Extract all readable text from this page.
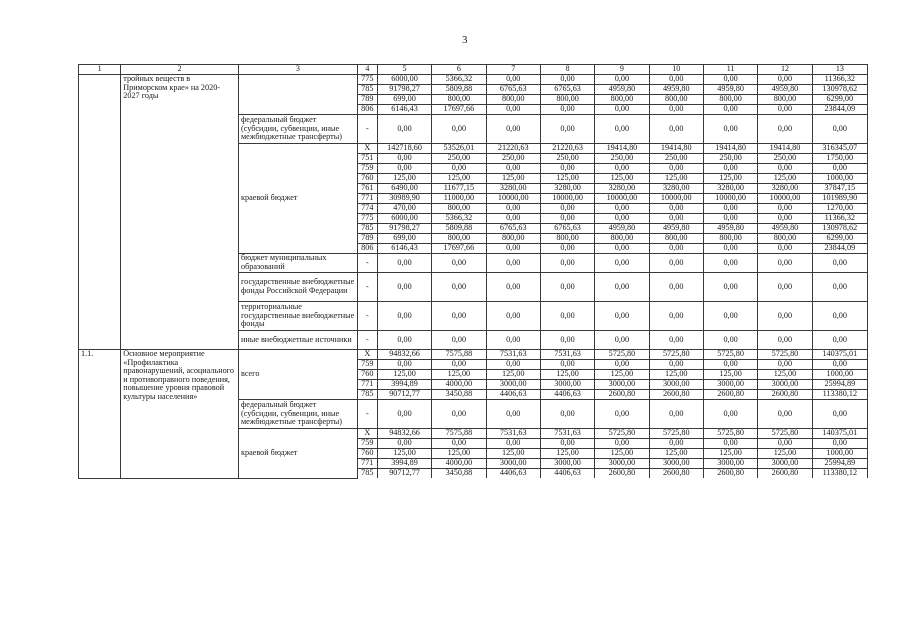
3
1	2	3	4	5	6	7	8	9	10	11	12	13
	тройных веществ в Приморском крае» на 2020-2027 годы		775	6000,00	5366,32	0,00	0,00	0,00	0,00	0,00	0,00	11366,32
			785	91798,27	5809,88	6765,63	6765,63	4959,80	4959,80	4959,80	4959,80	130978,62
			789	699,00	800,00	800,00	800,00	800,00	800,00	800,00	800,00	6299,00
			806	6146,43	17697,66	0,00	0,00	0,00	0,00	0,00	0,00	23844,09
		федеральный бюджет (субсидии, субвенции, иные межбюджетные трансферты)	-	0,00	0,00	0,00	0,00	0,00	0,00	0,00	0,00	0,00
		краевой бюджет	X	142718,60	53526,01	21220,63	21220,63	19414,80	19414,80	19414,80	19414,80	316345,07
			751	0,00	250,00	250,00	250,00	250,00	250,00	250,00	250,00	1750,00
			759	0,00	0,00	0,00	0,00	0,00	0,00	0,00	0,00	0,00
			760	125,00	125,00	125,00	125,00	125,00	125,00	125,00	125,00	1000,00
			761	6490,00	11677,15	3280,00	3280,00	3280,00	3280,00	3280,00	3280,00	37847,15
			771	30989,90	11000,00	10000,00	10000,00	10000,00	10000,00	10000,00	10000,00	101989,90
			774	470,00	800,00	0,00	0,00	0,00	0,00	0,00	0,00	1270,00
			775	6000,00	5366,32	0,00	0,00	0,00	0,00	0,00	0,00	11366,32
			785	91798,27	5809,88	6765,63	6765,63	4959,80	4959,80	4959,80	4959,80	130978,62
			789	699,00	800,00	800,00	800,00	800,00	800,00	800,00	800,00	6299,00
			806	6146,43	17697,66	0,00	0,00	0,00	0,00	0,00	0,00	23844,09
		бюджет муниципальных образований	-	0,00	0,00	0,00	0,00	0,00	0,00	0,00	0,00	0,00
		государственные внебюджетные фонды Российской Федерации	-	0,00	0,00	0,00	0,00	0,00	0,00	0,00	0,00	0,00
		территориальные государственные внебюджетные фонды	-	0,00	0,00	0,00	0,00	0,00	0,00	0,00	0,00	0,00
		иные внебюджетные источники	-	0,00	0,00	0,00	0,00	0,00	0,00	0,00	0,00	0,00
1.1.	Основное мероприятие «Профилактика правонарушений, асоциального и противоправного поведения, повышение уровня правовой культуры населения»	всего	X	94832,66	7575,88	7531,63	7531,63	5725,80	5725,80	5725,80	5725,80	140375,01
			759	0,00	0,00	0,00	0,00	0,00	0,00	0,00	0,00	0,00
			760	125,00	125,00	125,00	125,00	125,00	125,00	125,00	125,00	1000,00
			771	3994,89	4000,00	3000,00	3000,00	3000,00	3000,00	3000,00	3000,00	25994,89
			785	90712,77	3450,88	4406,63	4406,63	2600,80	2600,80	2600,80	2600,80	113380,12
		федеральный бюджет (субсидии, субвенции, иные межбюджетные трансферты)	-	0,00	0,00	0,00	0,00	0,00	0,00	0,00	0,00	0,00
		краевой бюджет	X	94832,66	7575,88	7531,63	7531,63	5725,80	5725,80	5725,80	5725,80	140375,01
			759	0,00	0,00	0,00	0,00	0,00	0,00	0,00	0,00	0,00
			760	125,00	125,00	125,00	125,00	125,00	125,00	125,00	125,00	1000,00
			771	3994,89	4000,00	3000,00	3000,00	3000,00	3000,00	3000,00	3000,00	25994,89
			785	90712,77	3450,88	4406,63	4406,63	2600,80	2600,80	2600,80	2600,80	113380,12
